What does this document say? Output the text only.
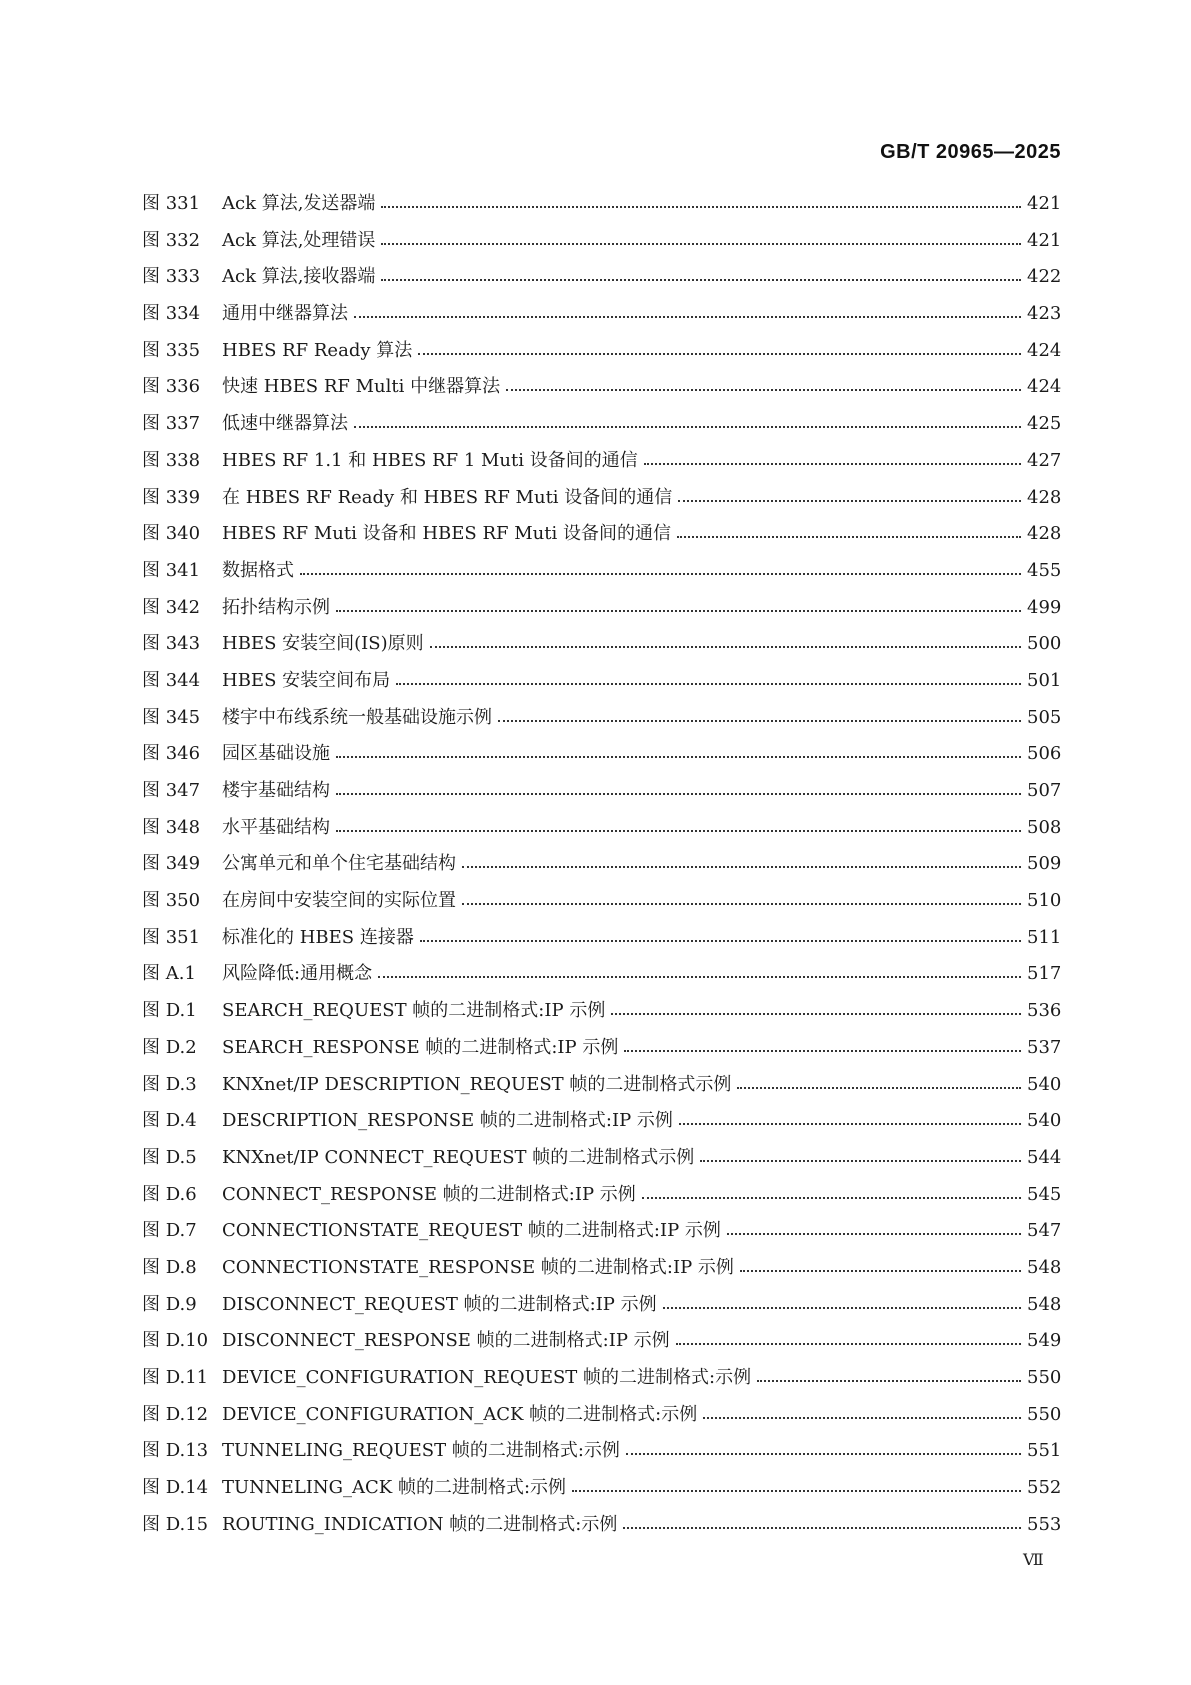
GB/T 20965—2025
图 331	Ack 算法,发送器端	421
图 332	Ack 算法,处理错误	421
图 333	Ack 算法,接收器端	422
图 334	通用中继器算法	423
图 335	HBES RF Ready 算法	424
图 336	快速 HBES RF Multi 中继器算法	424
图 337	低速中继器算法	425
图 338	HBES RF 1.1 和 HBES RF 1 Muti 设备间的通信	427
图 339	在 HBES RF Ready 和 HBES RF Muti 设备间的通信	428
图 340	HBES RF Muti 设备和 HBES RF Muti 设备间的通信	428
图 341	数据格式	455
图 342	拓扑结构示例	499
图 343	HBES 安装空间(IS)原则	500
图 344	HBES 安装空间布局	501
图 345	楼宇中布线系统一般基础设施示例	505
图 346	园区基础设施	506
图 347	楼宇基础结构	507
图 348	水平基础结构	508
图 349	公寓单元和单个住宅基础结构	509
图 350	在房间中安装空间的实际位置	510
图 351	标准化的 HBES 连接器	511
图 A.1	风险降低:通用概念	517
图 D.1	SEARCH_REQUEST 帧的二进制格式:IP 示例	536
图 D.2	SEARCH_RESPONSE 帧的二进制格式:IP 示例	537
图 D.3	KNXnet/IP DESCRIPTION_REQUEST 帧的二进制格式示例	540
图 D.4	DESCRIPTION_RESPONSE 帧的二进制格式:IP 示例	540
图 D.5	KNXnet/IP CONNECT_REQUEST 帧的二进制格式示例	544
图 D.6	CONNECT_RESPONSE 帧的二进制格式:IP 示例	545
图 D.7	CONNECTIONSTATE_REQUEST 帧的二进制格式:IP 示例	547
图 D.8	CONNECTIONSTATE_RESPONSE 帧的二进制格式:IP 示例	548
图 D.9	DISCONNECT_REQUEST 帧的二进制格式:IP 示例	548
图 D.10 DISCONNECT_RESPONSE 帧的二进制格式:IP 示例	549
图 D.11 DEVICE_CONFIGURATION_REQUEST 帧的二进制格式:示例	550
图 D.12 DEVICE_CONFIGURATION_ACK 帧的二进制格式:示例	550
图 D.13 TUNNELING_REQUEST 帧的二进制格式:示例	551
图 D.14 TUNNELING_ACK 帧的二进制格式:示例	552
图 D.15 ROUTING_INDICATION 帧的二进制格式:示例	553
Ⅶ
